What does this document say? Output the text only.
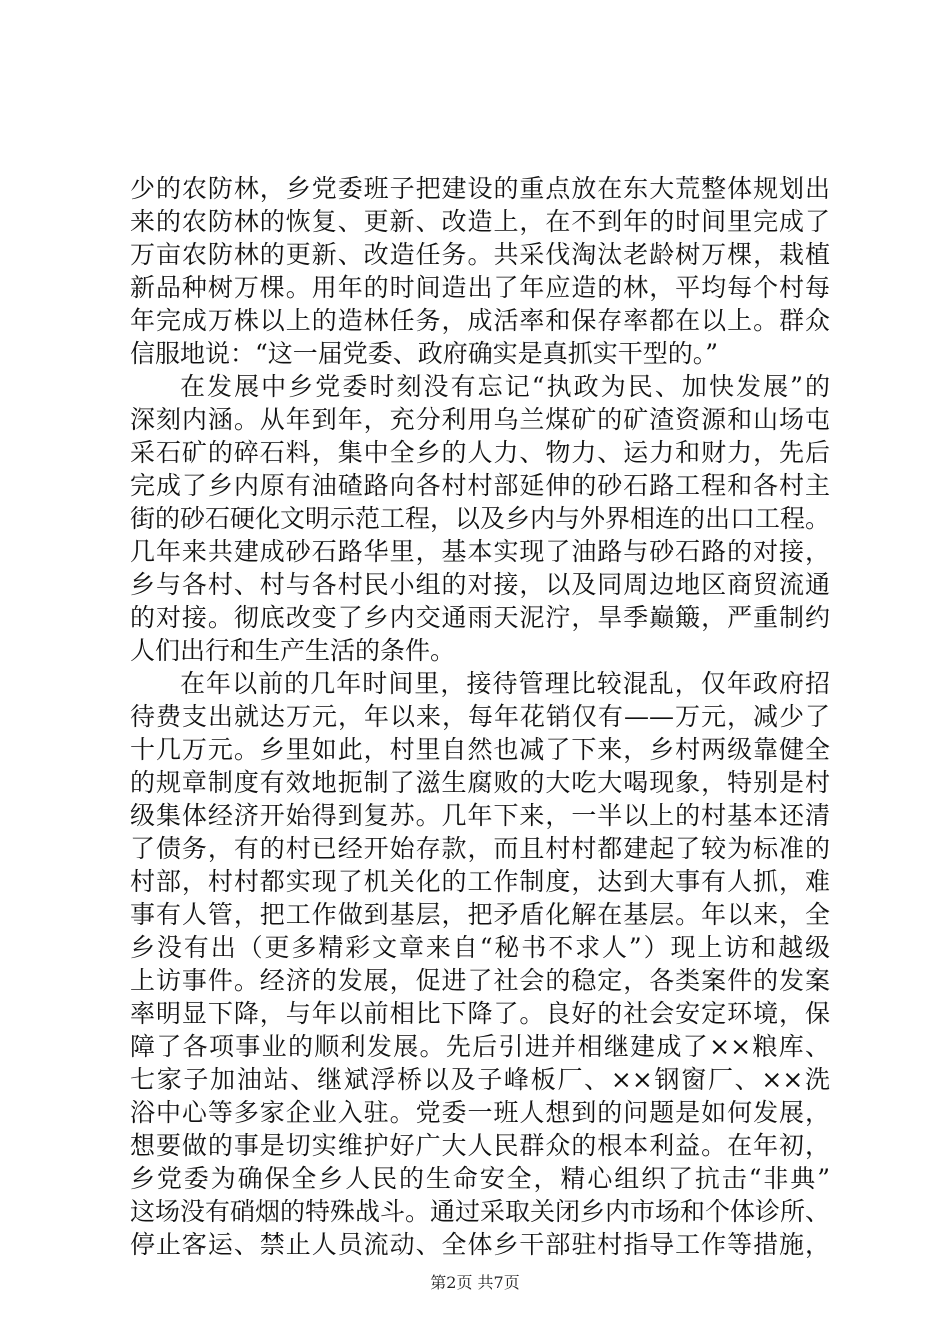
少的农防林，乡党委班子把建设的重点放在东大荒整体规划出
来的农防林的恢复、更新、改造上，在不到年的时间里完成了
万亩农防林的更新、改造任务。共采伐淘汰老龄树万棵，栽植
新品种树万棵。用年的时间造出了年应造的林，平均每个村每
年完成万株以上的造林任务，成活率和保存率都在以上。群众
信服地说：“这一届党委、政府确实是真抓实干型的。”
在发展中乡党委时刻没有忘记“执政为民、加快发展”的
深刻内涵。从年到年，充分利用乌兰煤矿的矿渣资源和山场屯
采石矿的碎石料，集中全乡的人力、物力、运力和财力，先后
完成了乡内原有油碴路向各村村部延伸的砂石路工程和各村主
街的砂石硬化文明示范工程，以及乡内与外界相连的出口工程。
几年来共建成砂石路华里，基本实现了油路与砂石路的对接，
乡与各村、村与各村民小组的对接，以及同周边地区商贸流通
的对接。彻底改变了乡内交通雨天泥泞，旱季巅簸，严重制约
人们出行和生产生活的条件。
在年以前的几年时间里，接待管理比较混乱，仅年政府招
待费支出就达万元，年以来，每年花销仅有——万元，减少了
十几万元。乡里如此，村里自然也减了下来，乡村两级靠健全
的规章制度有效地扼制了滋生腐败的大吃大喝现象，特别是村
级集体经济开始得到复苏。几年下来，一半以上的村基本还清
了债务，有的村已经开始存款，而且村村都建起了较为标准的
村部，村村都实现了机关化的工作制度，达到大事有人抓，难
事有人管，把工作做到基层，把矛盾化解在基层。年以来，全
乡没有出（更多精彩文章来自“秘书不求人”）现上访和越级
上访事件。经济的发展，促进了社会的稳定，各类案件的发案
率明显下降，与年以前相比下降了。良好的社会安定环境，保
障了各项事业的顺利发展。先后引进并相继建成了××粮库、
七家子加油站、继斌浮桥以及子峰板厂、××钢窗厂、××洗
浴中心等多家企业入驻。党委一班人想到的问题是如何发展，
想要做的事是切实维护好广大人民群众的根本利益。在年初，
乡党委为确保全乡人民的生命安全，精心组织了抗击“非典”
这场没有硝烟的特殊战斗。通过采取关闭乡内市场和个体诊所、
停止客运、禁止人员流动、全体乡干部驻村指导工作等措施，
第2页 共7页
